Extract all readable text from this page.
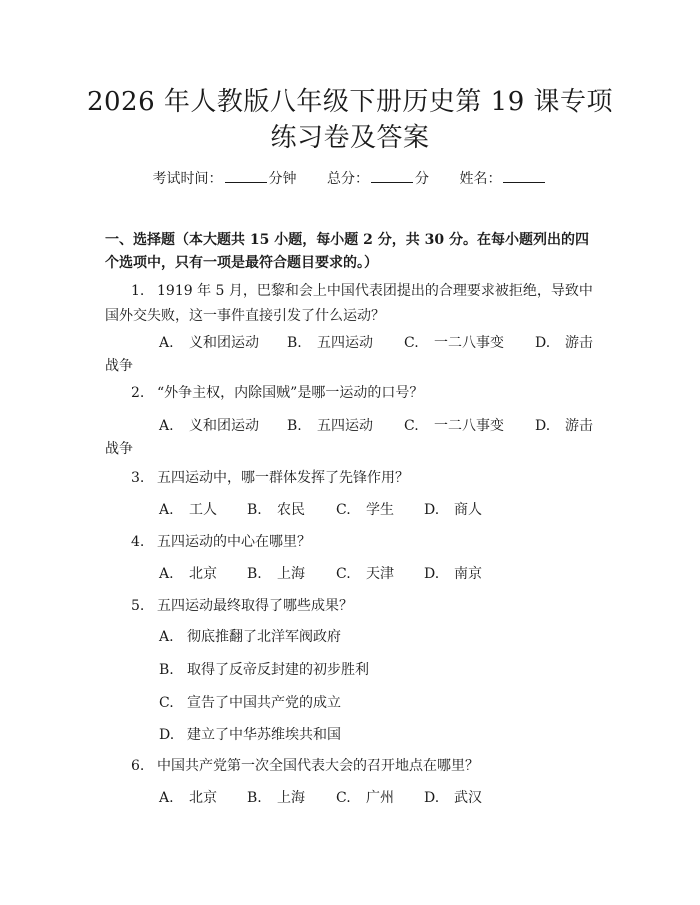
2026 年人教版八年级下册历史第 19 课专项
练习卷及答案
考试时间：	分钟 总分：	分 姓名：
一、选择题（本大题共 15 小题，每小题 2 分，共 30 分。在每小题列出的四个选项中，只有一项是最符合题目要求的。）
1. 1919 年 5 月，巴黎和会上中国代表团提出的合理要求被拒绝，导致中国外交失败，这一事件直接引发了什么运动？
A. 义和团运动 B. 五四运动 C. 一二八事变 D. 游击
战争
2. “外争主权，内除国贼”是哪一运动的口号？
A. 义和团运动 B. 五四运动 C. 一二八事变 D. 游击
战争
3. 五四运动中，哪一群体发挥了先锋作用？
A. 工人 B. 农民 C. 学生 D. 商人
4. 五四运动的中心在哪里？
A. 北京 B. 上海 C. 天津 D. 南京
5. 五四运动最终取得了哪些成果？
A. 彻底推翻了北洋军阀政府
B. 取得了反帝反封建的初步胜利
C. 宣告了中国共产党的成立
D. 建立了中华苏维埃共和国
6. 中国共产党第一次全国代表大会的召开地点在哪里？
A. 北京 B. 上海 C. 广州 D. 武汉
